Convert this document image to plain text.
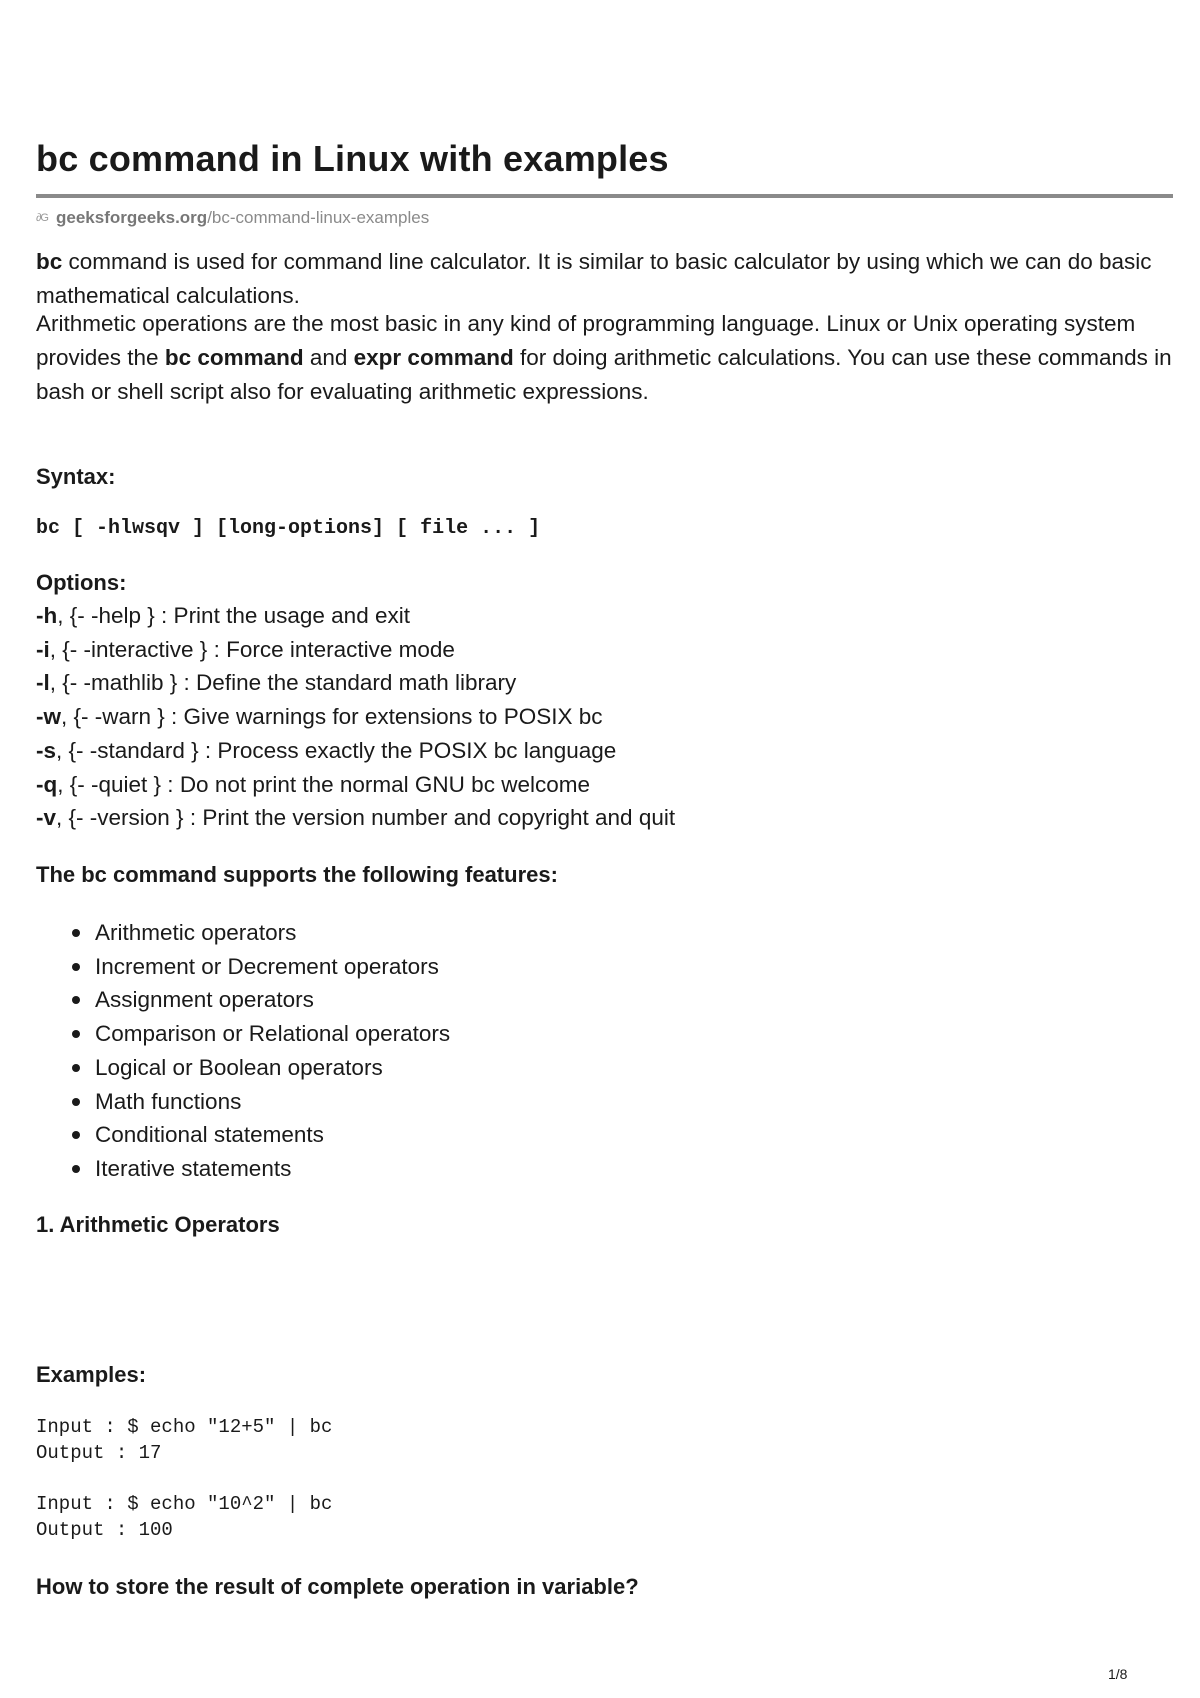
bc command in Linux with examples
∂G geeksforgeeks.org /bc-command-linux-examples

bc command is used for command line calculator. It is similar to basic calculator by using which we can do basic mathematical calculations.

Arithmetic operations are the most basic in any kind of programming language. Linux or Unix operating system provides the bc command and expr command for doing arithmetic calculations. You can use these commands in bash or shell script also for evaluating arithmetic expressions.

Syntax:
bc [ -hlwsqv ] [long-options] [ file ... ]
Options:
-h, {- -help } : Print the usage and exit
-i, {- -interactive } : Force interactive mode
-l, {- -mathlib } : Define the standard math library
-w, {- -warn } : Give warnings for extensions to POSIX bc
-s, {- -standard } : Process exactly the POSIX bc language
-q, {- -quiet } : Do not print the normal GNU bc welcome
-v, {- -version } : Print the version number and copyright and quit
The bc command supports the following features:
Arithmetic operators
Increment or Decrement operators
Assignment operators
Comparison or Relational operators
Logical or Boolean operators
Math functions
Conditional statements
Iterative statements
1. Arithmetic Operators
Examples:
Input : $ echo "12+5" | bc
Output : 17
Input : $ echo "10^2" | bc
Output : 100
How to store the result of complete operation in variable?
1/8
